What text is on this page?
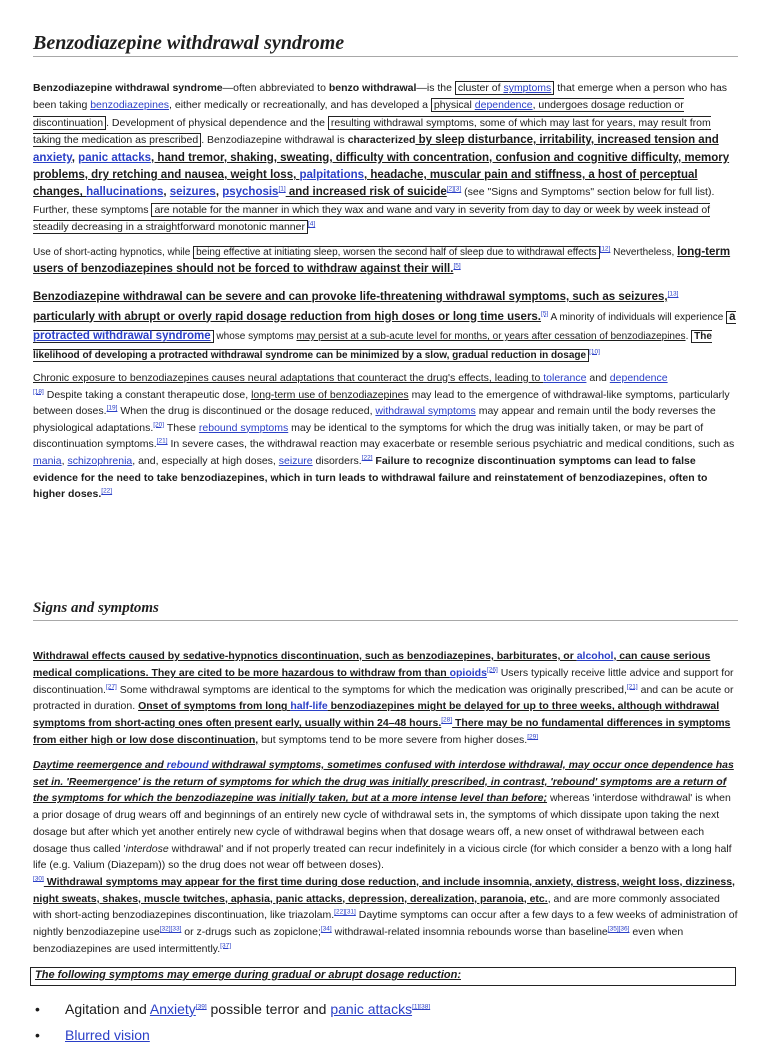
Benzodiazepine withdrawal syndrome

Benzodiazepine withdrawal syndrome—often abbreviated to benzo withdrawal—is the cluster of symptoms that emerge when a person who has been taking benzodiazepines, either medically or recreationally, and has developed a physical dependence, undergoes dosage reduction or discontinuation . Development of physical dependence and the resulting withdrawal symptoms, some of which may last for years, may result from taking the medication as prescribed . Benzodiazepine withdrawal is characterized by sleep disturbance, irritability, increased tension and anxiety, panic attacks, hand tremor, shaking, sweating, difficulty with concentration, confusion and cognitive difficulty, memory problems, dry retching and nausea, weight loss, palpitations, headache, muscular pain and stiffness, a host of perceptual changes, hallucinations, seizures, psychosis[1] and increased risk of suicide[2][3] (see "Signs and Symptoms" section below for full list). Further, these symptoms are notable for the manner in which they wax and wane and vary in severity from day to day or week by week instead of steadily decreasing in a straightforward monotonic manner [4]

Use of short-acting hypnotics, while being effective at initiating sleep, worsen the second half of sleep due to withdrawal effects [12] Nevertheless, long-term users of benzodiazepines should not be forced to withdraw against their will.[5]

Benzodiazepine withdrawal can be severe and can provoke life-threatening withdrawal symptoms, such as seizures,[13] particularly with abrupt or overly rapid dosage reduction from high doses or long time users.[5] A minority of individuals will experience a protracted withdrawal syndrome whose symptoms may persist at a sub-acute level for months, or years after cessation of benzodiazepines. The likelihood of developing a protracted withdrawal syndrome can be minimized by a slow, gradual reduction in dosage [10]

Chronic exposure to benzodiazepines causes neural adaptations that counteract the drug's effects, leading to tolerance and dependence
[18] Despite taking a constant therapeutic dose, long-term use of benzodiazepines may lead to the emergence of withdrawal-like symptoms, particularly between doses.[19] When the drug is discontinued or the dosage reduced, withdrawal symptoms may appear and remain until the body reverses the physiological adaptations.[20] These rebound symptoms may be identical to the symptoms for which the drug was initially taken, or may be part of discontinuation symptoms.[21] In severe cases, the withdrawal reaction may exacerbate or resemble serious psychiatric and medical conditions, such as mania, schizophrenia, and, especially at high doses, seizure disorders.[22] Failure to recognize discontinuation symptoms can lead to false evidence for the need to take benzodiazepines, which in turn leads to withdrawal failure and reinstatement of benzodiazepines, often to higher doses.[22]

Signs and symptoms

Withdrawal effects caused by sedative-hypnotics discontinuation, such as benzodiazepines, barbiturates, or alcohol, can cause serious medical complications. They are cited to be more hazardous to withdraw from than opioids[26] Users typically receive little advice and support for discontinuation.[27] Some withdrawal symptoms are identical to the symptoms for which the medication was originally prescribed,[21] and can be acute or protracted in duration. Onset of symptoms from long half-life benzodiazepines might be delayed for up to three weeks, although withdrawal symptoms from short-acting ones often present early, usually within 24–48 hours.[28] There may be no fundamental differences in symptoms from either high or low dose discontinuation, but symptoms tend to be more severe from higher doses.[29]

Daytime reemergence and rebound withdrawal symptoms, sometimes confused with interdose withdrawal, may occur once dependence has set in. 'Reemergence' is the return of symptoms for which the drug was initially prescribed, in contrast, 'rebound' symptoms are a return of the symptoms for which the benzodiazepine was initially taken, but at a more intense level than before; whereas 'interdose withdrawal' is when a prior dosage of drug wears off and beginnings of an entirely new cycle of withdrawal sets in, the symptoms of which dissipate upon taking the next dosage but after which yet another entirely new cycle of withdrawal begins when that dosage wears off, a new onset of withdrawal between each dosage thus called 'interdose withdrawal' and if not properly treated can recur indefinitely in a vicious circle (for which consider a benzo with a long half life (e.g. Valium (Diazepam)) so the drug does not wear off between doses).
[30] Withdrawal symptoms may appear for the first time during dose reduction, and include insomnia, anxiety, distress, weight loss, dizziness, night sweats, shakes, muscle twitches, aphasia, panic attacks, depression, derealization, paranoia, etc., and are more commonly associated with short-acting benzodiazepines discontinuation, like triazolam.[22][31] Daytime symptoms can occur after a few days to a few weeks of administration of nightly benzodiazepine use[32][33] or z-drugs such as zopiclone;[34] withdrawal-related insomnia rebounds worse than baseline[35][36] even when benzodiazepines are used intermittently.[37]

The following symptoms may emerge during gradual or abrupt dosage reduction:
• Agitation and Anxiety[39] possible terror and panic attacks[1][38]
• Blurred vision
